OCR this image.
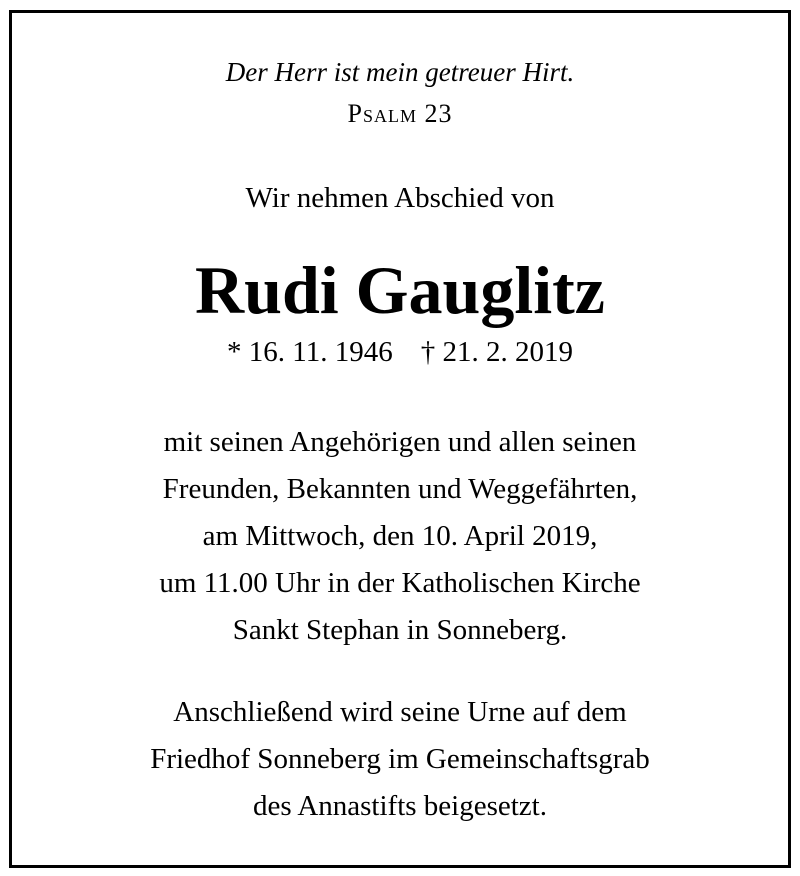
Der Herr ist mein getreuer Hirt.
Psalm 23
Wir nehmen Abschied von
Rudi Gauglitz
* 16. 11. 1946 † 21. 2. 2019
mit seinen Angehörigen und allen seinen
Freunden, Bekannten und Weggefährten,
am Mittwoch, den 10. April 2019,
um 11.00 Uhr in der Katholischen Kirche
Sankt Stephan in Sonneberg.
Anschließend wird seine Urne auf dem
Friedhof Sonneberg im Gemeinschaftsgrab
des Annastifts beigesetzt.
